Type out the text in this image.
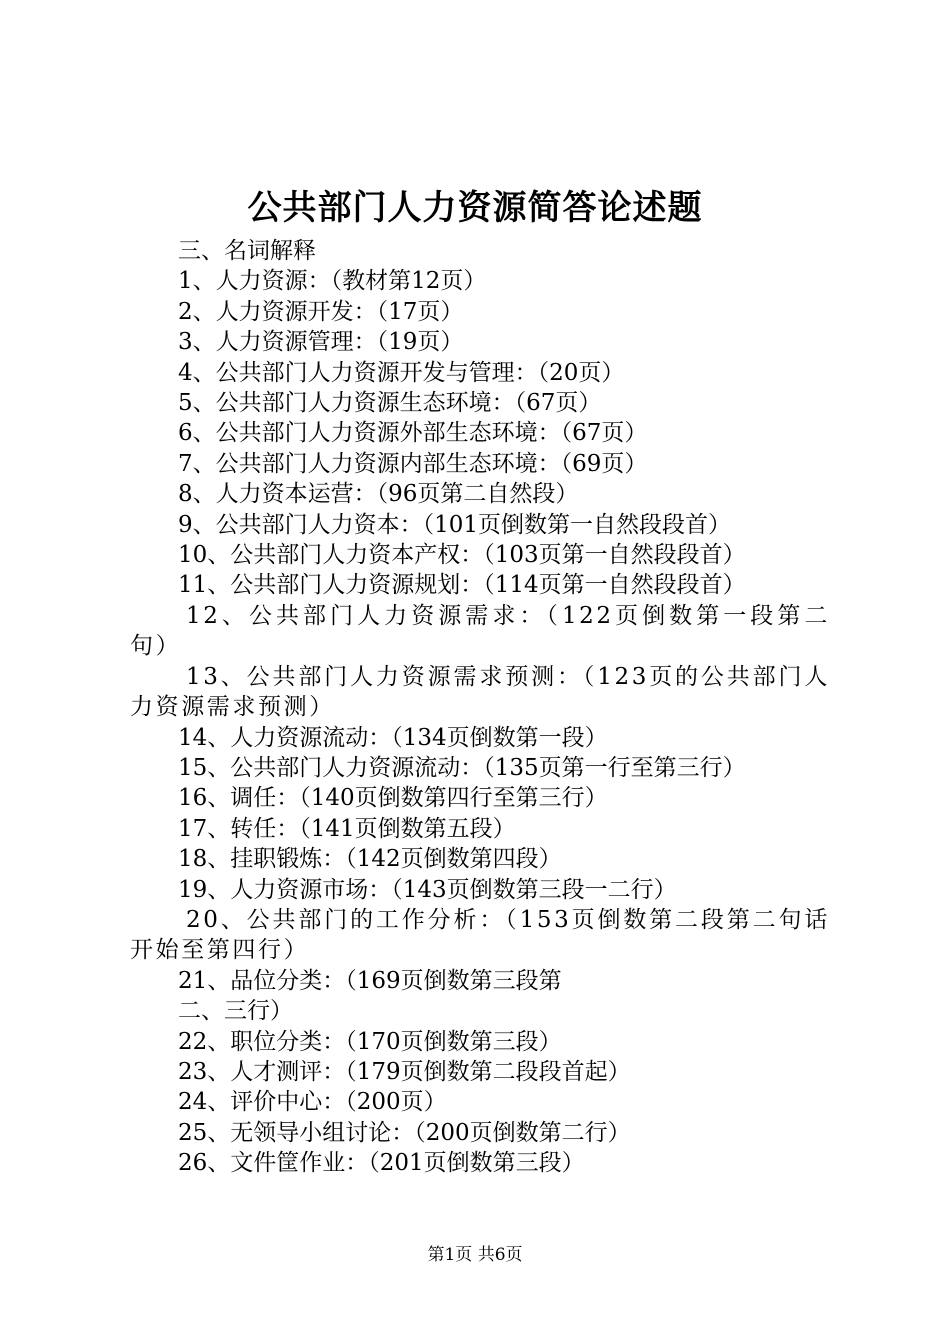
公共部门人力资源简答论述题

三、名词解释

1、人力资源：（教材第12页）

2、人力资源开发：（17页）

3、人力资源管理：（19页）

4、公共部门人力资源开发与管理：（20页）

5、公共部门人力资源生态环境：（67页）

6、公共部门人力资源外部生态环境：（67页）

7、公共部门人力资源内部生态环境：（69页）

8、人力资本运营：（96页第二自然段）

9、公共部门人力资本：（101页倒数第一自然段段首）

10、公共部门人力资本产权：（103页第一自然段段首）

11、公共部门人力资源规划：（114页第一自然段段首）

12、公共部门人力资源需求：（122页倒数第一段第二句）

13、公共部门人力资源需求预测：（123页的公共部门人力资源需求预测）

14、人力资源流动：（134页倒数第一段）

15、公共部门人力资源流动：（135页第一行至第三行）

16、调任：（140页倒数第四行至第三行）

17、转任：（141页倒数第五段）

18、挂职锻炼：（142页倒数第四段）

19、人力资源市场：（143页倒数第三段一二行）

20、公共部门的工作分析：（153页倒数第二段第二句话开始至第四行）

21、品位分类：（169页倒数第三段第

二、三行）

22、职位分类：（170页倒数第三段）

23、人才测评：（179页倒数第二段段首起）

24、评价中心：（200页）

25、无领导小组讨论：（200页倒数第二行）

26、文件筐作业：（201页倒数第三段）

第1页 共6页
